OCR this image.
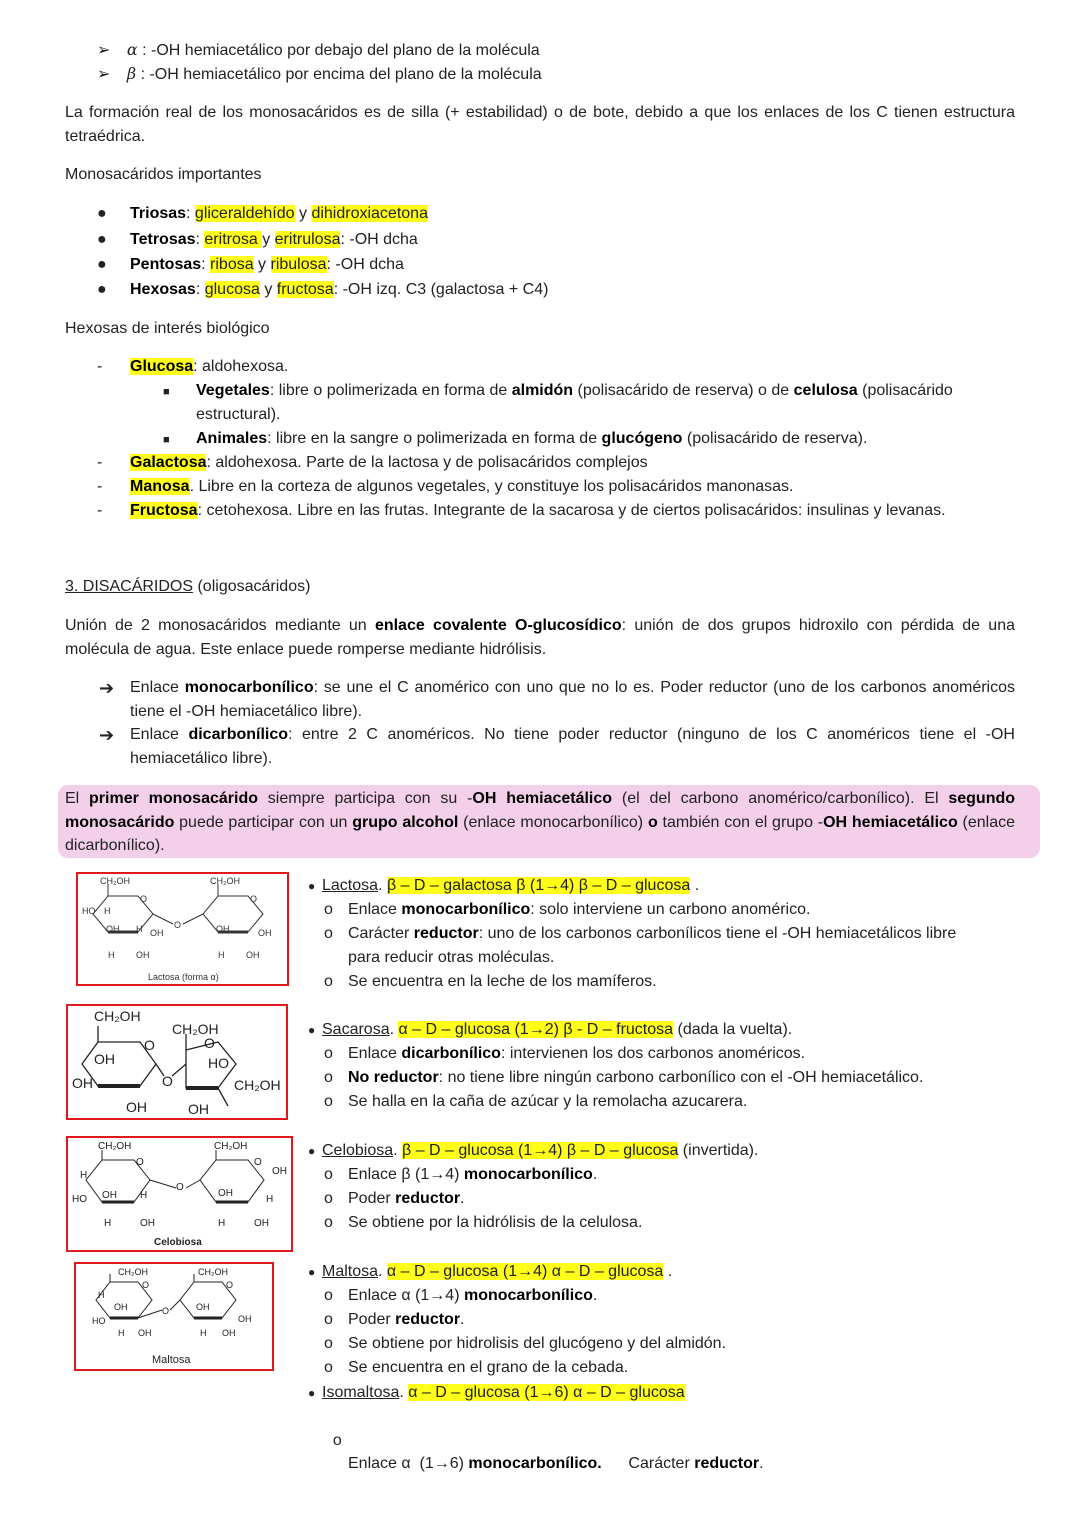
➢ α : -OH hemiacetálico por debajo del plano de la molécula
➢ β : -OH hemiacetálico por encima del plano de la molécula
La formación real de los monosacáridos es de silla (+ estabilidad) o de bote, debido a que los enlaces de los C tienen estructura tetraédrica.
Monosacáridos importantes
● Triosas: gliceraldehído y dihidroxiacetona
● Tetrosas: eritrosa y eritrulosa: -OH dcha
● Pentosas: ribosa y ribulosa: -OH dcha
● Hexosas: glucosa y fructosa: -OH izq. C3 (galactosa + C4)
Hexosas de interés biológico
- Glucosa: aldohexosa.
■ Vegetales: libre o polimerizada en forma de almidón (polisacárido de reserva) o de celulosa (polisacárido
estructural).
■ Animales: libre en la sangre o polimerizada en forma de glucógeno (polisacárido de reserva).
- Galactosa: aldohexosa. Parte de la lactosa y de polisacáridos complejos
- Manosa. Libre en la corteza de algunos vegetales, y constituye los polisacáridos manonasas.
- Fructosa: cetohexosa. Libre en las frutas. Integrante de la sacarosa y de ciertos polisacáridos: insulinas y levanas.
3. DISACÁRIDOS (oligosacáridos)
Unión de 2 monosacáridos mediante un enlace covalente O-glucosídico: unión de dos grupos hidroxilo con pérdida de una molécula de agua. Este enlace puede romperse mediante hidrólisis.
➔ Enlace monocarbonílico: se une el C anomérico con uno que no lo es. Poder reductor (uno de los carbonos anoméricos tiene el -OH hemiacetálico libre).
➔ Enlace dicarbonílico: entre 2 C anoméricos. No tiene poder reductor (ninguno de los C anoméricos tiene el -OH hemiacetálico libre).
El primer monosacárido siempre participa con su -OH hemiacetálico (el del carbono anomérico/carbonílico). El segundo monosacárido puede participar con un grupo alcohol (enlace monocarbonílico) o también con el grupo -OH hemiacetálico (enlace dicarbonílico).
CH₂OH	CH₂OH
O	O
O
HO H
OH H OH
H OH
OH	OH
H OH
Lactosa (forma α)
CH₂OH
CH₂OH
O	O
OH
OH	O
HO
CH₂OH
OH	OH
CH₂OH	CH₂OH
O	O
O
H
HO OH H
OH
OH
H
H	OH	H	OH
Celobiosa
CH₂OH	CH₂OH
O	O
O
H
OH
HO
OH
OH
H OH	H OH
Maltosa
● Lactosa. β – D – galactosa β (1→4) β – D – glucosa .
o Enlace monocarbonílico: solo interviene un carbono anomérico.
o Carácter reductor: uno de los carbonos carbonílicos tiene el -OH hemiacetálicos libre
para reducir otras moléculas.
o Se encuentra en la leche de los mamíferos.
● Sacarosa. α – D – glucosa (1→2) β - D – fructosa (dada la vuelta).
o Enlace dicarbonílico: intervienen los dos carbonos anoméricos.
o No reductor: no tiene libre ningún carbono carbonílico con el -OH hemiacetálico.
o Se halla en la caña de azúcar y la remolacha azucarera.
● Celobiosa. β – D – glucosa (1→4) β – D – glucosa (invertida).
o Enlace β (1→4) monocarbonílico.
o Poder reductor.
o Se obtiene por la hidrólisis de la celulosa.
● Maltosa. α – D – glucosa (1→4) α – D – glucosa .
o Enlace α (1→4) monocarbonílico.
o Poder reductor.
o Se obtiene por hidrolisis del glucógeno y del almidón.
o Se encuentra en el grano de la cebada.
● Isomaltosa. α – D – glucosa (1→6) α – D – glucosa

o

Enlace α  (1→6) monocarbonílico.      Carácter reductor.
